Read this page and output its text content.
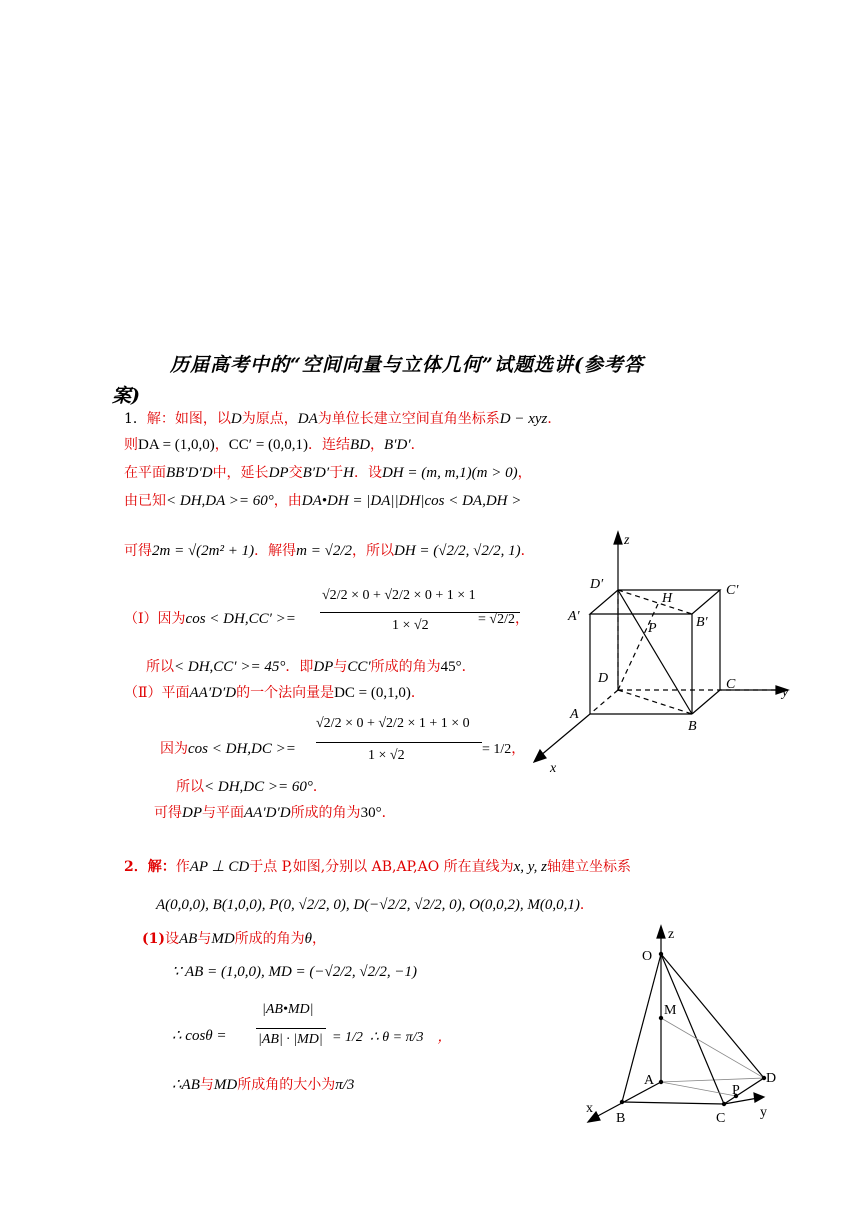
历届高考中的“空间向量与立体几何”试题选讲(参考答
案)
1．解：如图，以D为原点，DA为单位长建立空间直角坐标系D − xyz．
则DA = (1,0,0)，CC′ = (0,0,1)．连结BD，B′D′．
在平面BB′D′D中，延长DP交B′D′于H．设DH = (m, m,1)(m > 0)，
由已知< DH,DA >= 60°，由DA•DH = |DA||DH|cos < DA,DH >
可得2m = √(2m² + 1)．解得m = √2/2，所以DH = (√2/2, √2/2, 1)．
（Ⅰ）因为cos < DH,CC′ >=
√2/2 × 0 + √2/2 × 0 + 1 × 1
1 × √2	= √2/2，
所以< DH,CC′ >= 45°．即DP与CC′所成的角为45°．
（Ⅱ）平面AA′D′D的一个法向量是DC = (0,1,0)．
因为cos < DH,DC >=
√2/2 × 0 + √2/2 × 1 + 1 × 0
1 × √2	= 1/2，
所以< DH,DC >= 60°．
可得DP与平面AA′D′D所成的角为30°．
z
D′	C′
H
A′
P	B′
D	C
y
A
B
x
2．解：作AP ⊥ CD于点 P,如图,分别以 AB,AP,AO 所在直线为x, y, z轴建立坐标系
A(0,0,0), B(1,0,0), P(0, √2/2, 0), D(−√2/2, √2/2, 0), O(0,0,2), M(0,0,1)．
(1)设AB与MD所成的角为θ，
∵ AB = (1,0,0), MD = (−√2/2, √2/2, −1)
∴ cosθ =
|AB•MD|
|AB| · |MD| = 1/2 ∴ θ = π/3 ，
∴AB与MD所成角的大小为π/3
z
O
M
A	D
P
x
B	C y
